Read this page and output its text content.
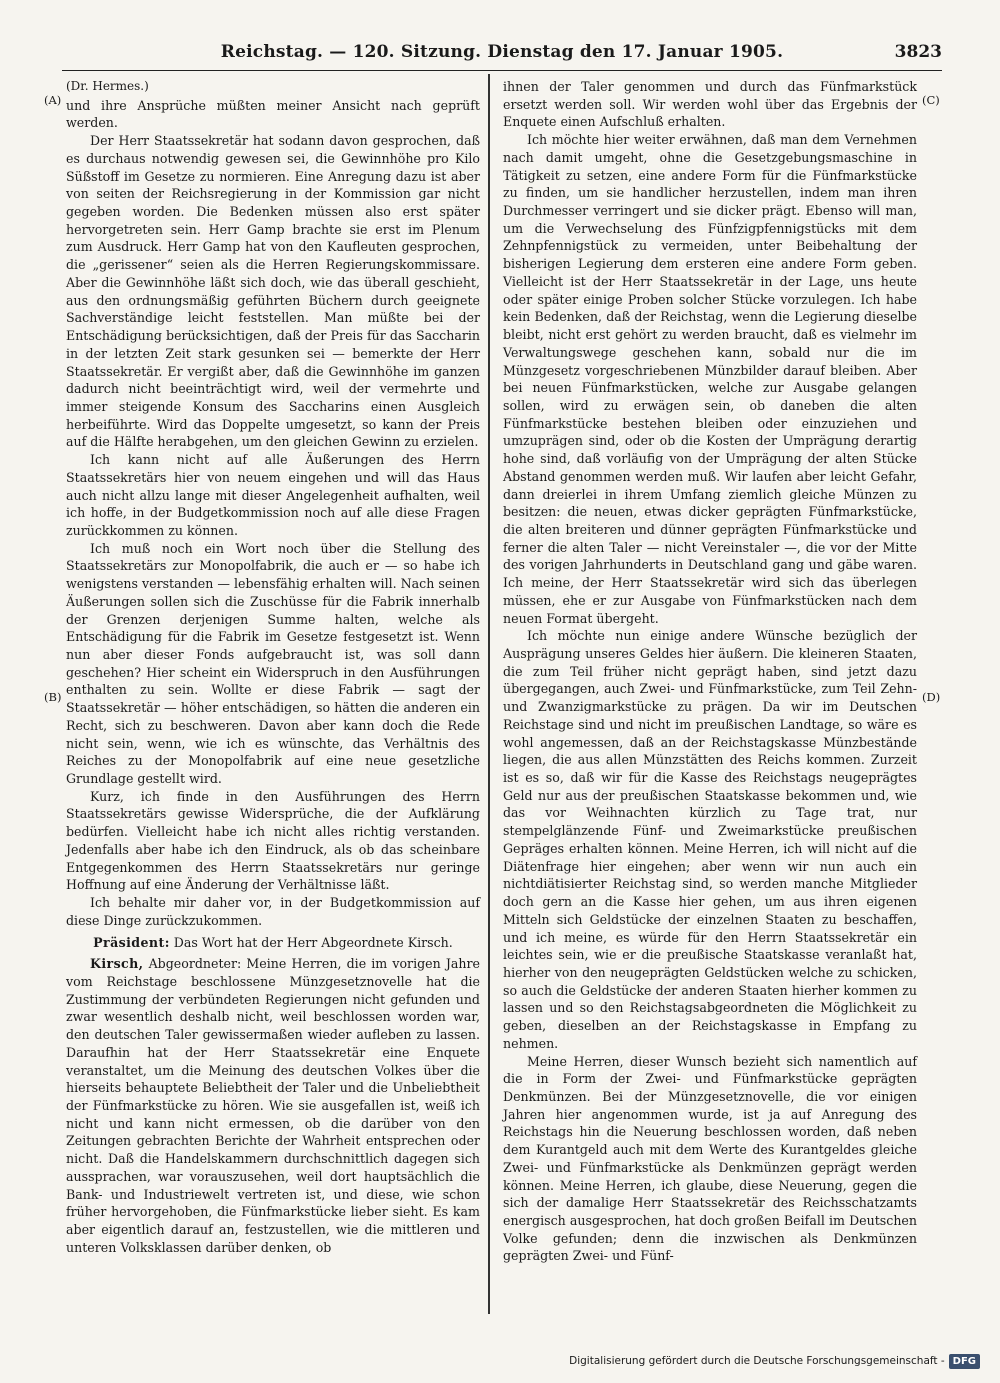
Reichstag. — 120. Sitzung. Dienstag den 17. Januar 1905.	3823
(A)
(B)
(C)
(D)
(Dr. Hermes.)

und ihre Ansprüche müßten meiner Ansicht nach geprüft werden.

Der Herr Staatssekretär hat sodann davon gesprochen, daß es durchaus notwendig gewesen sei, die Gewinnhöhe pro Kilo Süßstoff im Gesetze zu normieren. Eine Anregung dazu ist aber von seiten der Reichsregierung in der Kommission gar nicht gegeben worden. Die Bedenken müssen also erst später hervorgetreten sein. Herr Gamp brachte sie erst im Plenum zum Ausdruck. Herr Gamp hat von den Kaufleuten gesprochen, die „gerissener“ seien als die Herren Regierungskommissare. Aber die Gewinnhöhe läßt sich doch, wie das überall geschieht, aus den ordnungsmäßig geführten Büchern durch geeignete Sachverständige leicht feststellen. Man müßte bei der Entschädigung berücksichtigen, daß der Preis für das Saccharin in der letzten Zeit stark gesunken sei — bemerkte der Herr Staatssekretär. Er vergißt aber, daß die Gewinnhöhe im ganzen dadurch nicht beeinträchtigt wird, weil der vermehrte und immer steigende Konsum des Saccharins einen Ausgleich herbeiführte. Wird das Doppelte umgesetzt, so kann der Preis auf die Hälfte herabgehen, um den gleichen Gewinn zu erzielen.

Ich kann nicht auf alle Äußerungen des Herrn Staatssekretärs hier von neuem eingehen und will das Haus auch nicht allzu lange mit dieser Angelegenheit aufhalten, weil ich hoffe, in der Budgetkommission noch auf alle diese Fragen zurückkommen zu können.

Ich muß noch ein Wort noch über die Stellung des Staatssekretärs zur Monopolfabrik, die auch er — so habe ich wenigstens verstanden — lebensfähig erhalten will. Nach seinen Äußerungen sollen sich die Zuschüsse für die Fabrik innerhalb der Grenzen derjenigen Summe halten, welche als Entschädigung für die Fabrik im Gesetze festgesetzt ist. Wenn nun aber dieser Fonds aufgebraucht ist, was soll dann geschehen? Hier scheint ein Widerspruch in den Ausführungen enthalten zu sein. Wollte er diese Fabrik — sagt der Staatssekretär — höher entschädigen, so hätten die anderen ein Recht, sich zu beschweren. Davon aber kann doch die Rede nicht sein, wenn, wie ich es wünschte, das Verhältnis des Reiches zu der Monopolfabrik auf eine neue gesetzliche Grundlage gestellt wird.

Kurz, ich finde in den Ausführungen des Herrn Staatssekretärs gewisse Widersprüche, die der Aufklärung bedürfen. Vielleicht habe ich nicht alles richtig verstanden. Jedenfalls aber habe ich den Eindruck, als ob das scheinbare Entgegenkommen des Herrn Staatssekretärs nur geringe Hoffnung auf eine Änderung der Verhältnisse läßt.

Ich behalte mir daher vor, in der Budgetkommission auf diese Dinge zurückzukommen.

Präsident: Das Wort hat der Herr Abgeordnete Kirsch.

Kirsch, Abgeordneter: Meine Herren, die im vorigen Jahre vom Reichstage beschlossene Münzgesetznovelle hat die Zustimmung der verbündeten Regierungen nicht gefunden und zwar wesentlich deshalb nicht, weil beschlossen worden war, den deutschen Taler gewissermaßen wieder aufleben zu lassen. Daraufhin hat der Herr Staatssekretär eine Enquete veranstaltet, um die Meinung des deutschen Volkes über die hierseits behauptete Beliebtheit der Taler und die Unbeliebtheit der Fünfmarkstücke zu hören. Wie sie ausgefallen ist, weiß ich nicht und kann nicht ermessen, ob die darüber von den Zeitungen gebrachten Berichte der Wahrheit entsprechen oder nicht. Daß die Handelskammern durchschnittlich dagegen sich aussprachen, war vorauszusehen, weil dort hauptsächlich die Bank- und Industriewelt vertreten ist, und diese, wie schon früher hervorgehoben, die Fünfmarkstücke lieber sieht. Es kam aber eigentlich darauf an, festzustellen, wie die mittleren und unteren Volksklassen darüber denken, ob

ihnen der Taler genommen und durch das Fünfmarkstück ersetzt werden soll. Wir werden wohl über das Ergebnis der Enquete einen Aufschluß erhalten.

Ich möchte hier weiter erwähnen, daß man dem Vernehmen nach damit umgeht, ohne die Gesetzgebungsmaschine in Tätigkeit zu setzen, eine andere Form für die Fünfmarkstücke zu finden, um sie handlicher herzustellen, indem man ihren Durchmesser verringert und sie dicker prägt. Ebenso will man, um die Verwechselung des Fünfzigpfennigstücks mit dem Zehnpfennigstück zu vermeiden, unter Beibehaltung der bisherigen Legierung dem ersteren eine andere Form geben. Vielleicht ist der Herr Staatssekretär in der Lage, uns heute oder später einige Proben solcher Stücke vorzulegen. Ich habe kein Bedenken, daß der Reichstag, wenn die Legierung dieselbe bleibt, nicht erst gehört zu werden braucht, daß es vielmehr im Verwaltungswege geschehen kann, sobald nur die im Münzgesetz vorgeschriebenen Münzbilder darauf bleiben. Aber bei neuen Fünfmarkstücken, welche zur Ausgabe gelangen sollen, wird zu erwägen sein, ob daneben die alten Fünfmarkstücke bestehen bleiben oder einzuziehen und umzuprägen sind, oder ob die Kosten der Umprägung derartig hohe sind, daß vorläufig von der Umprägung der alten Stücke Abstand genommen werden muß. Wir laufen aber leicht Gefahr, dann dreierlei in ihrem Umfang ziemlich gleiche Münzen zu besitzen: die neuen, etwas dicker geprägten Fünfmarkstücke, die alten breiteren und dünner geprägten Fünfmarkstücke und ferner die alten Taler — nicht Vereinstaler —, die vor der Mitte des vorigen Jahrhunderts in Deutschland gang und gäbe waren. Ich meine, der Herr Staatssekretär wird sich das überlegen müssen, ehe er zur Ausgabe von Fünfmarkstücken nach dem neuen Format übergeht.

Ich möchte nun einige andere Wünsche bezüglich der Ausprägung unseres Geldes hier äußern. Die kleineren Staaten, die zum Teil früher nicht geprägt haben, sind jetzt dazu übergegangen, auch Zwei- und Fünfmarkstücke, zum Teil Zehn- und Zwanzigmarkstücke zu prägen. Da wir im Deutschen Reichstage sind und nicht im preußischen Landtage, so wäre es wohl angemessen, daß an der Reichstagskasse Münzbestände liegen, die aus allen Münzstätten des Reichs kommen. Zurzeit ist es so, daß wir für die Kasse des Reichstags neugeprägtes Geld nur aus der preußischen Staatskasse bekommen und, wie das vor Weihnachten kürzlich zu Tage trat, nur stempelglänzende Fünf- und Zweimarkstücke preußischen Gepräges erhalten können. Meine Herren, ich will nicht auf die Diätenfrage hier eingehen; aber wenn wir nun auch ein nichtdiätisierter Reichstag sind, so werden manche Mitglieder doch gern an die Kasse hier gehen, um aus ihren eigenen Mitteln sich Geldstücke der einzelnen Staaten zu beschaffen, und ich meine, es würde für den Herrn Staatssekretär ein leichtes sein, wie er die preußische Staatskasse veranlaßt hat, hierher von den neugeprägten Geldstücken welche zu schicken, so auch die Geldstücke der anderen Staaten hierher kommen zu lassen und so den Reichstagsabgeordneten die Möglichkeit zu geben, dieselben an der Reichstagskasse in Empfang zu nehmen.

Meine Herren, dieser Wunsch bezieht sich namentlich auf die in Form der Zwei- und Fünfmarkstücke geprägten Denkmünzen. Bei der Münzgesetznovelle, die vor einigen Jahren hier angenommen wurde, ist ja auf Anregung des Reichstags hin die Neuerung beschlossen worden, daß neben dem Kurantgeld auch mit dem Werte des Kurantgeldes gleiche Zwei- und Fünfmarkstücke als Denkmünzen geprägt werden können. Meine Herren, ich glaube, diese Neuerung, gegen die sich der damalige Herr Staatssekretär des Reichsschatzamts energisch ausgesprochen, hat doch großen Beifall im Deutschen Volke gefunden; denn die inzwischen als Denkmünzen geprägten Zwei- und Fünf-

Digitalisierung gefördert durch die Deutsche Forschungsgemeinschaft - DFG
